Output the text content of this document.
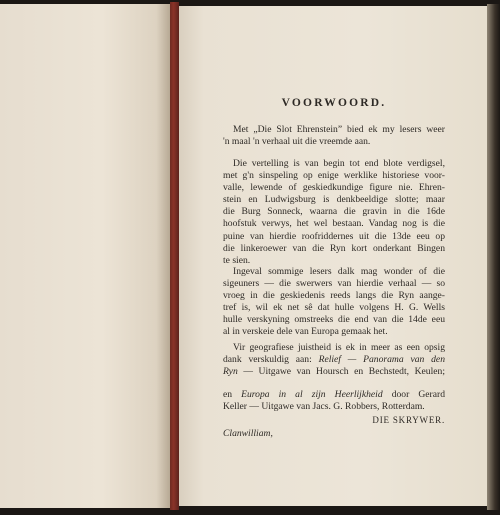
VOORWOORD.

Met „Die Slot Ehrenstein” bied ek my lesers weer
'n maal 'n verhaal uit die vreemde aan.

Die vertelling is van begin tot end blote verdigsel,
met g'n sinspeling op enige werklike historiese voor-
valle, lewende of geskiedkundige figure nie. Ehren-
stein en Ludwigsburg is denkbeeldige slotte; maar
die Burg Sonneck, waarna die gravin in die 16de
hoofstuk verwys, het wel bestaan. Vandag nog is die
puine van hierdie roofriddernes uit die 13de eeu op
die linkeroewer van die Ryn kort onderkant Bingen
te sien.

Ingeval sommige lesers dalk mag wonder of die
sigeuners — die swerwers van hierdie verhaal — so
vroeg in die geskiedenis reeds langs die Ryn aange-
tref is, wil ek net sê dat hulle volgens H. G. Wells
hulle verskyning omstreeks die end van die 14de eeu
al in verskeie dele van Europa gemaak het.

Vir geografiese juistheid is ek in meer as een opsig
dank verskuldig aan: Relief — Panorama van den
Ryn — Uitgawe van Hoursch en Bechstedt, Keulen;

en Europa in al zijn Heerlijkheid door Gerard
Keller — Uitgawe van Jacs. G. Robbers, Rotterdam.

DIE SKRYWER.

Clanwilliam,
